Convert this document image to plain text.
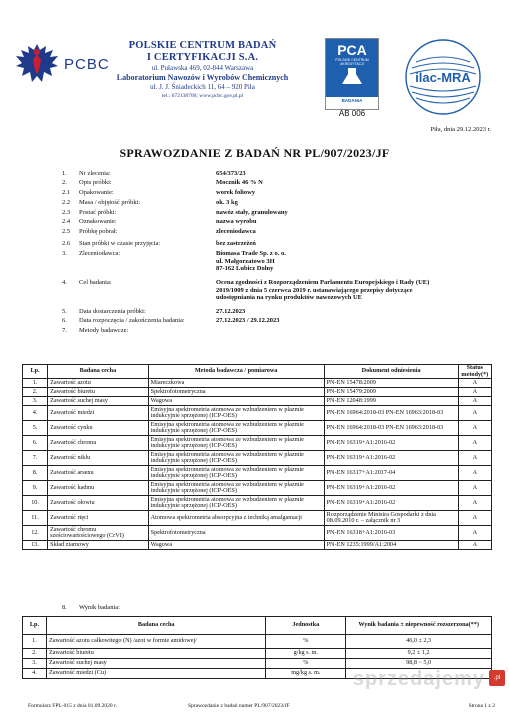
PCBC
POLSKIE CENTRUM BADAŃ
I CERTYFIKACJI S.A.
ul. Puławska 469, 02-844 Warszawa
Laboratorium Nawozów i Wyrobów Chemicznych
ul. J. J. Śniadeckich 11, 64 – 920 Piła
tel.: 672138700; www.pcbc.gov.pl.pl
PCA
POLSKIE CENTRUM
AKREDYTACJI
BADANIA
AB 006
ilac-MRA
Piła, dnia 29.12.2023 r.
SPRAWOZDANIE Z BADAŃ NR PL/907/2023/JF
1. Nr zlecenia:	654/373/23
2. Opis próbki:	Mocznik 46 % N
2.1 Opakowanie:	worek foliowy
2.2 Masa / objętość próbki:	ok. 3 kg
2.3 Postać próbki:	nawóz stały, granulowany
2.4 Oznakowanie:	nazwa wyrobu
2.5 Próbkę pobrał:	zleceniodawca
2.6 Stan próbki w czasie przyjęcia:	bez zastrzeżeń
3. Zleceniodawca:	Biomasa Trade Sp. z o. o.
ul. Małgorzatowo 3H
87-162 Lubicz Dolny
4. Cel badania:	Ocena zgodności z Rozporządzeniem Parlamentu Europejskiego i Rady (UE)
2019/1009 z dnia 5 czerwca 2019 r. ustanawiającego przepisy dotyczące
udostępniania na rynku produktów nawozowych UE
5. Data dostarczenia próbki:	27.12.2023
6. Data rozpoczęcia / zakończenia badania:	27.12.2023 / 29.12.2023
7. Metody badawcze:
Lp.	Badana cecha	Metoda badawcza / pomiarowa	Dokument odniesienia	Status metody(*)
1.	Zawartość azotu	Miareczkowa	PN-EN 15478:2009	A
2.	Zawartość biuretu	Spektrofotometryczna	PN-EN 15479:2009	A
3.	Zawartość suchej masy	Wagowa	PN-EN 12048:1999	A
4.	Zawartość miedzi	Emisyjna spektrometria atomowa ze wzbudzeniem w plazmie indukcyjnie sprzężonej (ICP-OES)	PN-EN 16964:2018-03 PN-EN 16963:2018-03	A
5.	Zawartość cynku	Emisyjna spektrometria atomowa ze wzbudzeniem w plazmie indukcyjnie sprzężonej (ICP-OES)	PN-EN 16964:2018-03 PN-EN 16963:2018-03	A
6.	Zawartość chromu	Emisyjna spektrometria atomowa ze wzbudzeniem w plazmie indukcyjnie sprzężonej (ICP-OES)	PN-EN 16319+A1:2016-02	A
7.	Zawartość niklu	Emisyjna spektrometria atomowa ze wzbudzeniem w plazmie indukcyjnie sprzężonej (ICP-OES)	PN-EN 16319+A1:2016-02	A
8.	Zawartość arsenu	Emisyjna spektrometria atomowa ze wzbudzeniem w plazmie indukcyjnie sprzężonej (ICP-OES)	PN-EN 16317+A1:2017-04	A
9.	Zawartość kadmu	Emisyjna spektrometria atomowa ze wzbudzeniem w plazmie indukcyjnie sprzężonej (ICP-OES)	PN-EN 16319+A1:2016-02	A
10.	Zawartość ołowiu	Emisyjna spektrometria atomowa ze wzbudzeniem w plazmie indukcyjnie sprzężonej (ICP-OES)	PN-EN 16319+A1:2016-02	A
11.	Zawartość rtęci	Atomowa spektrometria absorpcyjna z techniką amalgamacji	Rozporządzenie Ministra Gospodarki z dnia 08.09.2010 r. – załącznik nr 3	A
12.	Zawartość chromu sześciowartościowego (CrVI)	Spektrofotometryczna	PN-EN 16318+A1:2016-03	A
13.	Skład ziarnowy	Wagowa	PN-EN 1235:1999/A1:2004	A
8. Wynik badania:
Lp.	Badana cecha	Jednostka	Wynik badania ± niepewność rozszerzona(**)
1.	Zawartość azotu całkowitego (N) /azot w formie amidowej/	%	46,0 ± 2,3
2.	Zawartość biuretu	g/kg s. m.	9,2 ± 1,2
3.	Zawartość suchej masy	%	98,8 ~ 5,0
4.	Zawartość miedzi (Cu)	mg/kg s. m.	
Formularz FPL-015 z dnia 01.09.2020 r.	Sprawozdanie z badań numer PL/907/2023/JF	Strona 1 z 2
sprzedajemy	.pl
